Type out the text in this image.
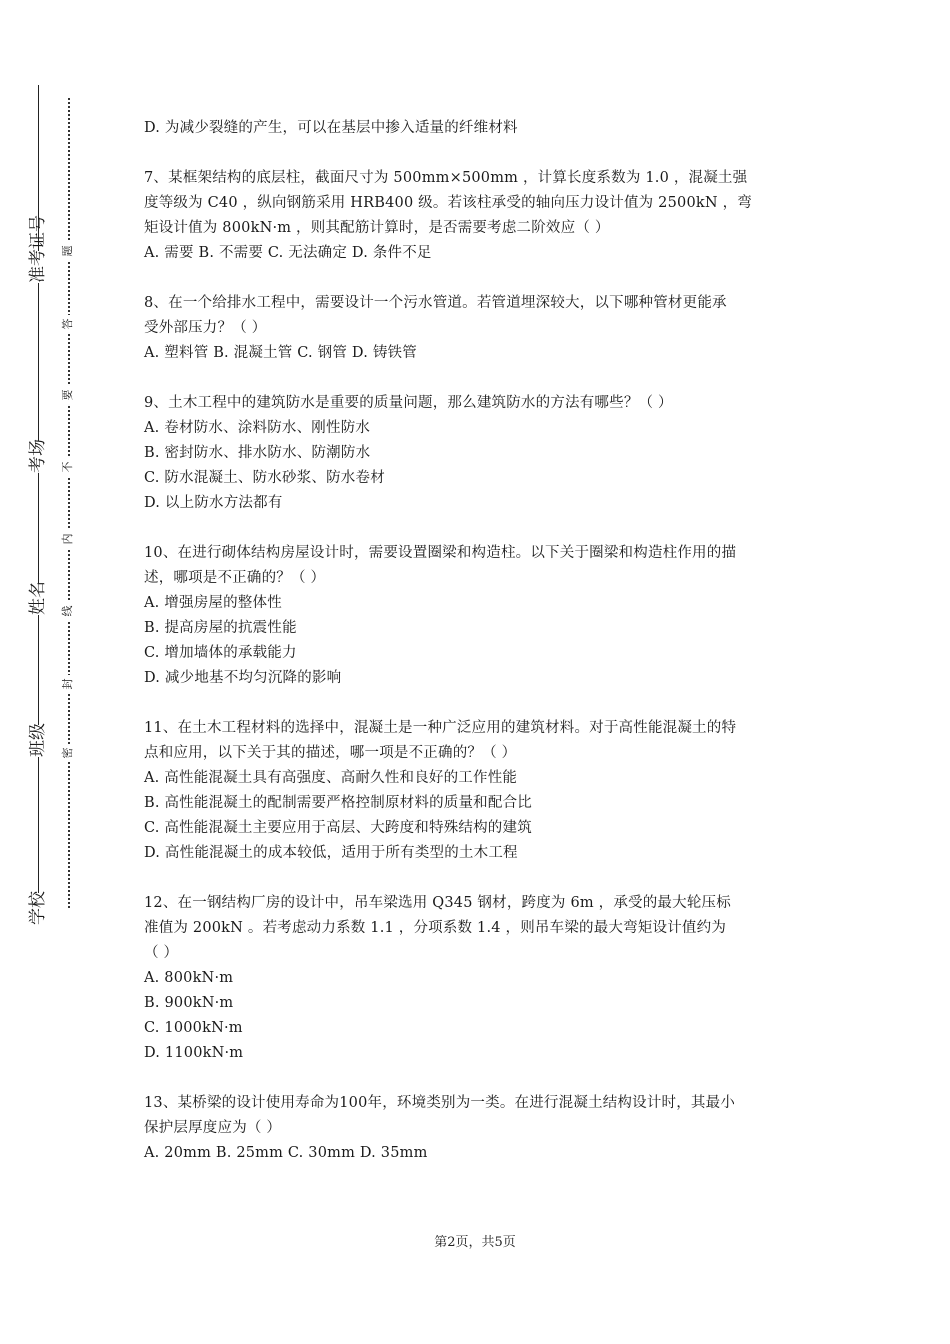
准考证号
考场
姓名
班级
学校
题
答
要
不
内
线
封
密
D. 为减少裂缝的产生，可以在基层中掺入适量的纤维材料
7、某框架结构的底层柱，截面尺寸为 500mm×500mm ，计算长度系数为 1.0 ，混凝土强
度等级为 C40 ，纵向钢筋采用 HRB400 级。若该柱承受的轴向压力设计值为 2500kN ，弯
矩设计值为 800kN·m ，则其配筋计算时，是否需要考虑二阶效应（ ）
A. 需要 B. 不需要 C. 无法确定 D. 条件不足
8、在一个给排水工程中，需要设计一个污水管道。若管道埋深较大，以下哪种管材更能承
受外部压力？（ ）
A. 塑料管 B. 混凝土管 C. 钢管 D. 铸铁管
9、土木工程中的建筑防水是重要的质量问题，那么建筑防水的方法有哪些？（ ）
A. 卷材防水、涂料防水、刚性防水
B. 密封防水、排水防水、防潮防水
C. 防水混凝土、防水砂浆、防水卷材
D. 以上防水方法都有
10、在进行砌体结构房屋设计时，需要设置圈梁和构造柱。以下关于圈梁和构造柱作用的描
述，哪项是不正确的？（ ）
A. 增强房屋的整体性
B. 提高房屋的抗震性能
C. 增加墙体的承载能力
D. 减少地基不均匀沉降的影响
11、在土木工程材料的选择中，混凝土是一种广泛应用的建筑材料。对于高性能混凝土的特
点和应用，以下关于其的描述，哪一项是不正确的？（ ）
A. 高性能混凝土具有高强度、高耐久性和良好的工作性能
B. 高性能混凝土的配制需要严格控制原材料的质量和配合比
C. 高性能混凝土主要应用于高层、大跨度和特殊结构的建筑
D. 高性能混凝土的成本较低，适用于所有类型的土木工程
12、在一钢结构厂房的设计中，吊车梁选用 Q345 钢材，跨度为 6m ，承受的最大轮压标
准值为 200kN 。若考虑动力系数 1.1 ，分项系数 1.4 ，则吊车梁的最大弯矩设计值约为
（ ）
A. 800kN·m
B. 900kN·m
C. 1000kN·m
D. 1100kN·m
13、某桥梁的设计使用寿命为100年，环境类别为一类。在进行混凝土结构设计时，其最小
保护层厚度应为（ ）
A. 20mm B. 25mm C. 30mm D. 35mm
第2页，共5页
